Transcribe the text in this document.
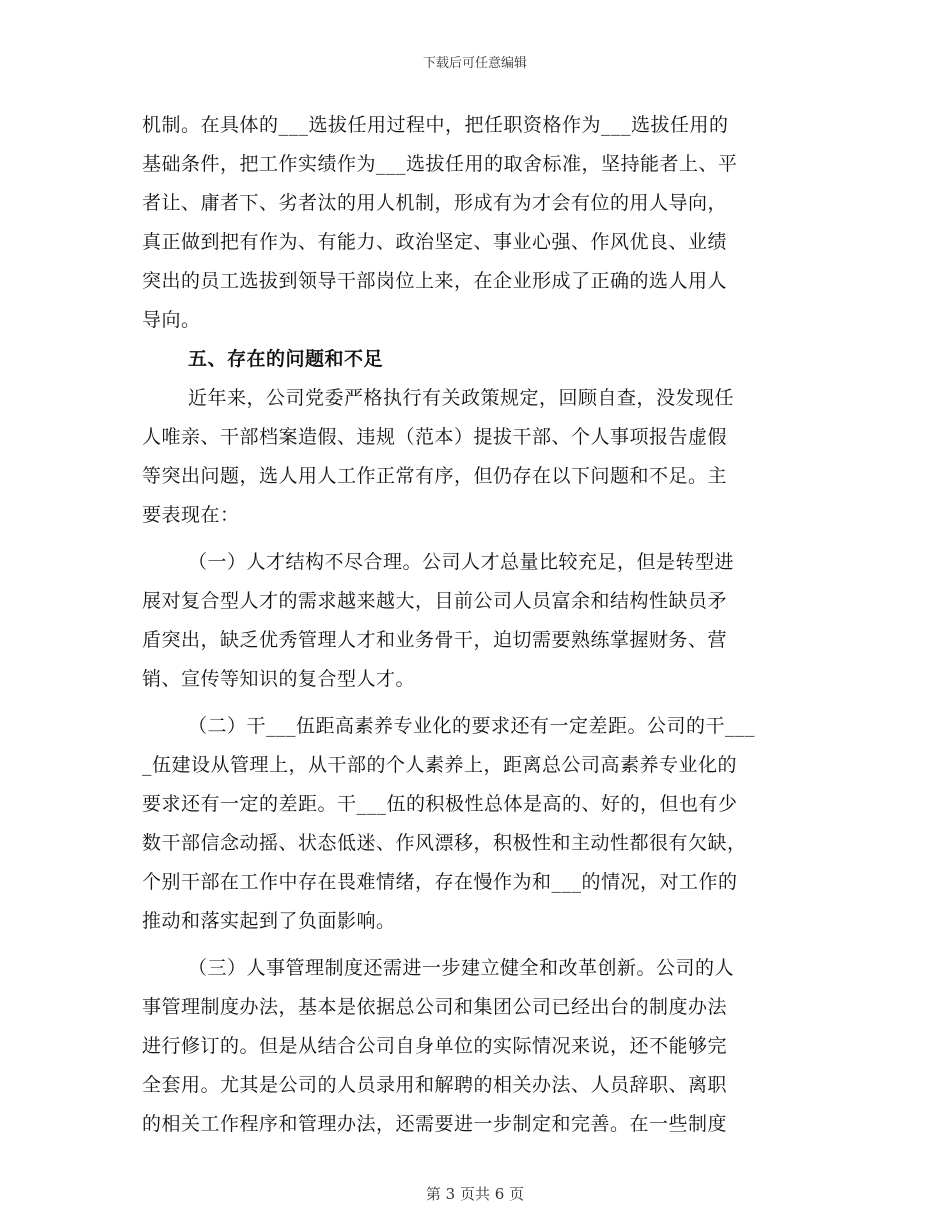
下载后可任意编辑
机制。在具体的___选拔任用过程中，把任职资格作为___选拔任用的
基础条件，把工作实绩作为___选拔任用的取舍标准，坚持能者上、平
者让、庸者下、劣者汰的用人机制，形成有为才会有位的用人导向，
真正做到把有作为、有能力、政治坚定、事业心强、作风优良、业绩
突出的员工选拔到领导干部岗位上来，在企业形成了正确的选人用人
导向。
五、存在的问题和不足
近年来，公司党委严格执行有关政策规定，回顾自查，没发现任
人唯亲、干部档案造假、违规（范本）提拔干部、个人事项报告虚假
等突出问题，选人用人工作正常有序，但仍存在以下问题和不足。主
要表现在：
（一）人才结构不尽合理。公司人才总量比较充足，但是转型进
展对复合型人才的需求越来越大，目前公司人员富余和结构性缺员矛
盾突出，缺乏优秀管理人才和业务骨干，迫切需要熟练掌握财务、营
销、宣传等知识的复合型人才。
（二）干___伍距高素养专业化的要求还有一定差距。公司的干___
_伍建设从管理上，从干部的个人素养上，距离总公司高素养专业化的
要求还有一定的差距。干___伍的积极性总体是高的、好的，但也有少
数干部信念动摇、状态低迷、作风漂移，积极性和主动性都很有欠缺，
个别干部在工作中存在畏难情绪，存在慢作为和___的情况，对工作的
推动和落实起到了负面影响。
（三）人事管理制度还需进一步建立健全和改革创新。公司的人
事管理制度办法，基本是依据总公司和集团公司已经出台的制度办法
进行修订的。但是从结合公司自身单位的实际情况来说，还不能够完
全套用。尤其是公司的人员录用和解聘的相关办法、人员辞职、离职
的相关工作程序和管理办法，还需要进一步制定和完善。在一些制度
第 3 页共 6 页
